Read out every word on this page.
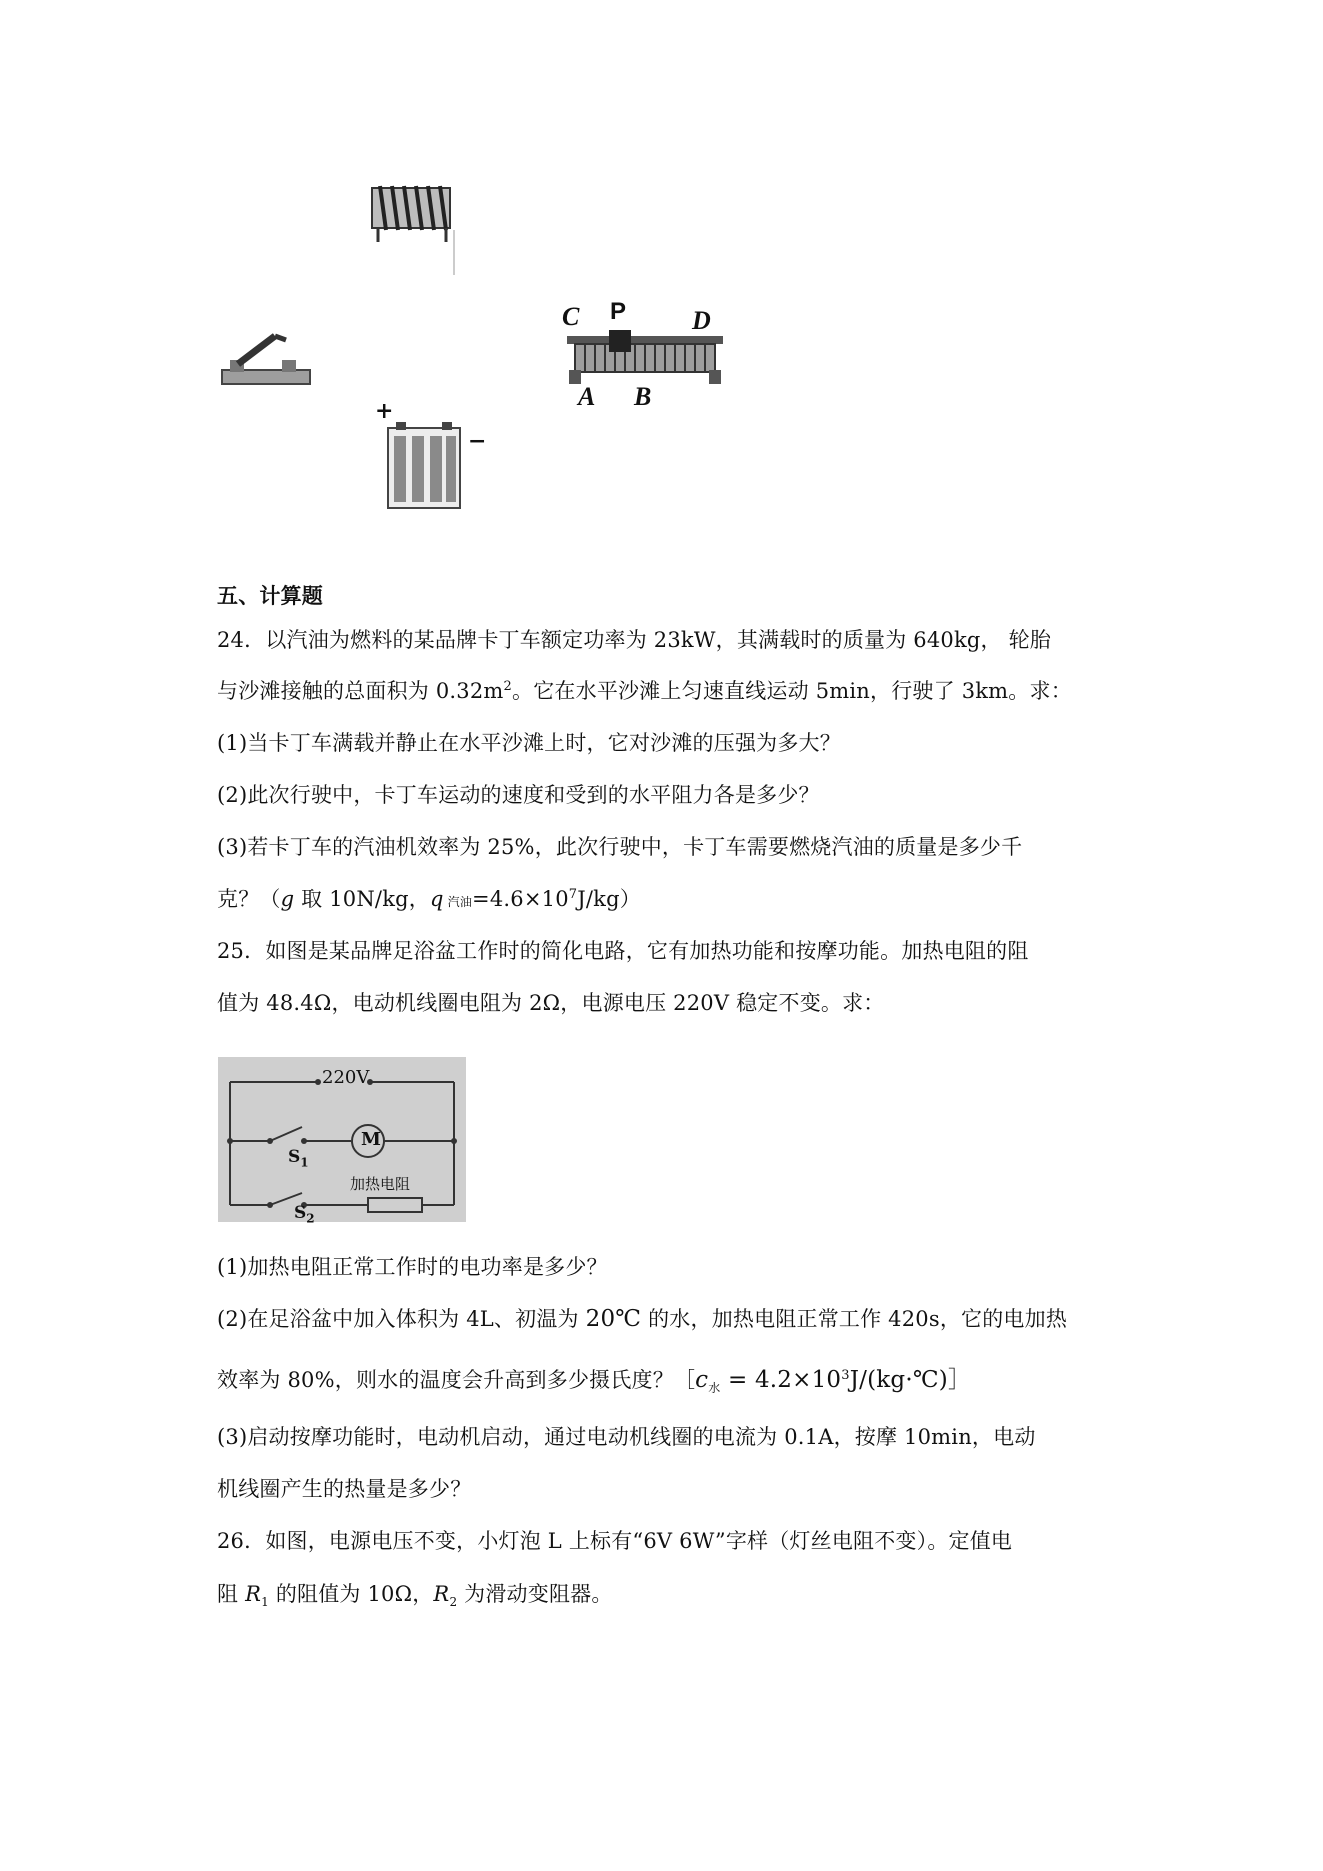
C P	D
A B
+
−
五、计算题
24．以汽油为燃料的某品牌卡丁车额定功率为 23kW，其满载时的质量为 640kg， 轮胎
与沙滩接触的总面积为 $0.32m^2$。它在水平沙滩上匀速直线运动 5min，行驶了 3km。求：
(1)当卡丁车满载并静止在水平沙滩上时，它对沙滩的压强为多大？
(2)此次行驶中，卡丁车运动的速度和受到的水平阻力各是多少？
(3)若卡丁车的汽油机效率为 25%，此次行驶中，卡丁车需要燃烧汽油的质量是多少千
克？（g 取 10N/kg，q 汽油$=4.6\times 10^7J/kg$）
25．如图是某品牌足浴盆工作时的简化电路，它有加热功能和按摩功能。加热电阻的阻
值为 48.4Ω，电动机线圈电阻为 2Ω，电源电压 220V 稳定不变。求：
220V
M
$S_1$
$S_2$
加热电阻
(1)加热电阻正常工作时的电功率是多少？
(2)在足浴盆中加入体积为 4L、初温为 20℃ 的水，加热电阻正常工作 420s，它的电加热
效率为 80%，则水的温度会升高到多少摄氏度？$[c_水$ = $4.2\times 10^3J/(kg\cdot℃)]$
(3)启动按摩功能时，电动机启动，通过电动机线圈的电流为 0.1A，按摩 10min，电动
机线圈产生的热量是多少？
26．如图，电源电压不变，小灯泡 L 上标有“6V 6W”字样（灯丝电阻不变）。定值电
阻 $R_1$ 的阻值为 10Ω，$R_2$ 为滑动变阻器。
